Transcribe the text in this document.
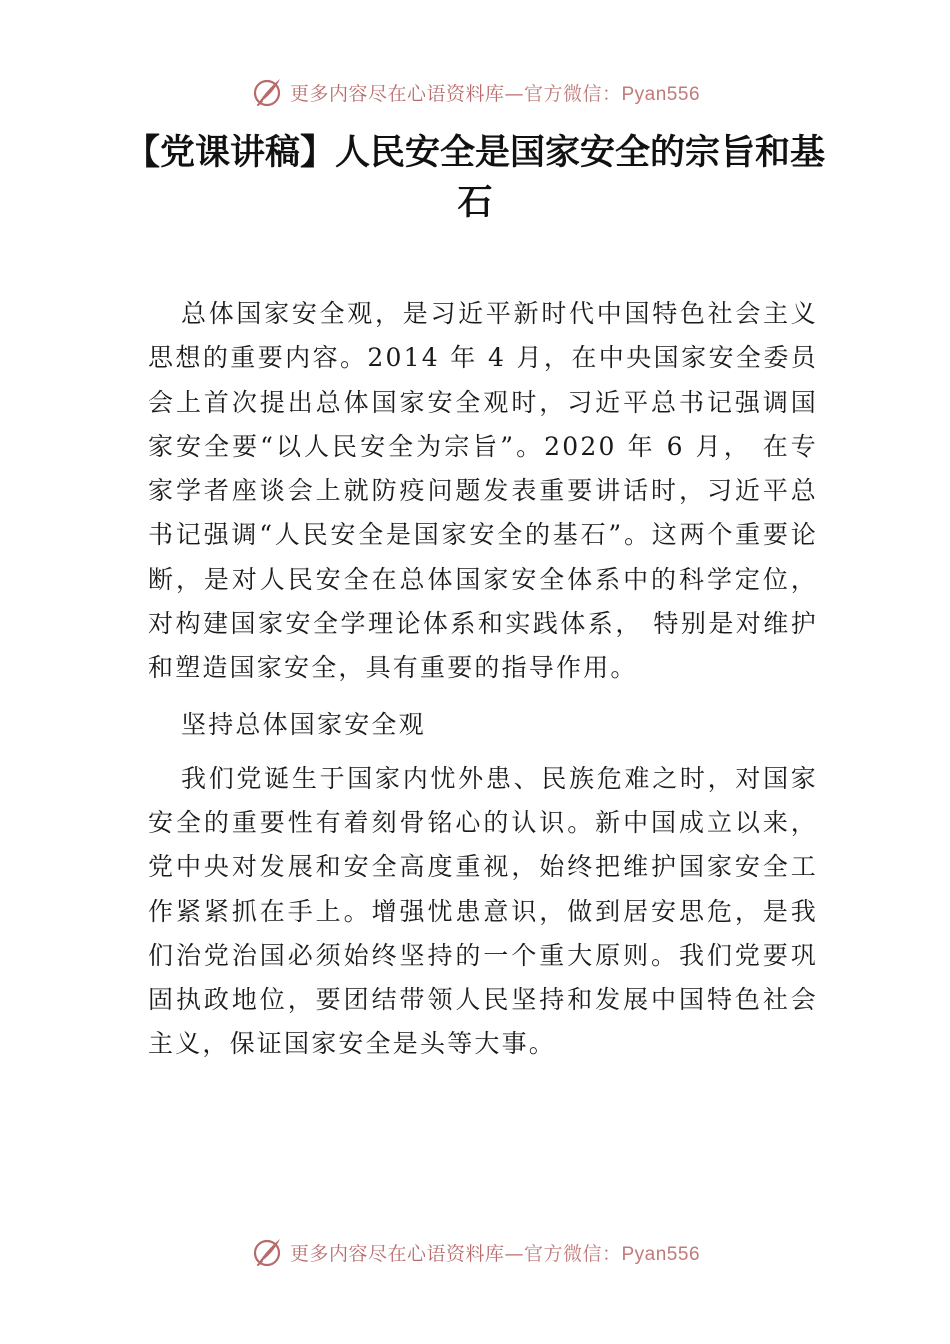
更多内容尽在心语资料库—官方微信：Pyan556
【党课讲稿】人民安全是国家安全的宗旨和基石

总体国家安全观，是习近平新时代中国特色社会主义思想的重要内容。2014 年 4 月，在中央国家安全委员会上首次提出总体国家安全观时，习近平总书记强调国家安全要“以人民安全为宗旨”。2020 年 6 月， 在专家学者座谈会上就防疫问题发表重要讲话时，习近平总书记强调“人民安全是国家安全的基石”。这两个重要论断，是对人民安全在总体国家安全体系中的科学定位，对构建国家安全学理论体系和实践体系， 特别是对维护和塑造国家安全，具有重要的指导作用。

坚持总体国家安全观

我们党诞生于国家内忧外患、民族危难之时，对国家安全的重要性有着刻骨铭心的认识。新中国成立以来，党中央对发展和安全高度重视，始终把维护国家安全工作紧紧抓在手上。增强忧患意识，做到居安思危，是我们治党治国必须始终坚持的一个重大原则。我们党要巩固执政地位，要团结带领人民坚持和发展中国特色社会主义，保证国家安全是头等大事。

更多内容尽在心语资料库—官方微信：Pyan556
